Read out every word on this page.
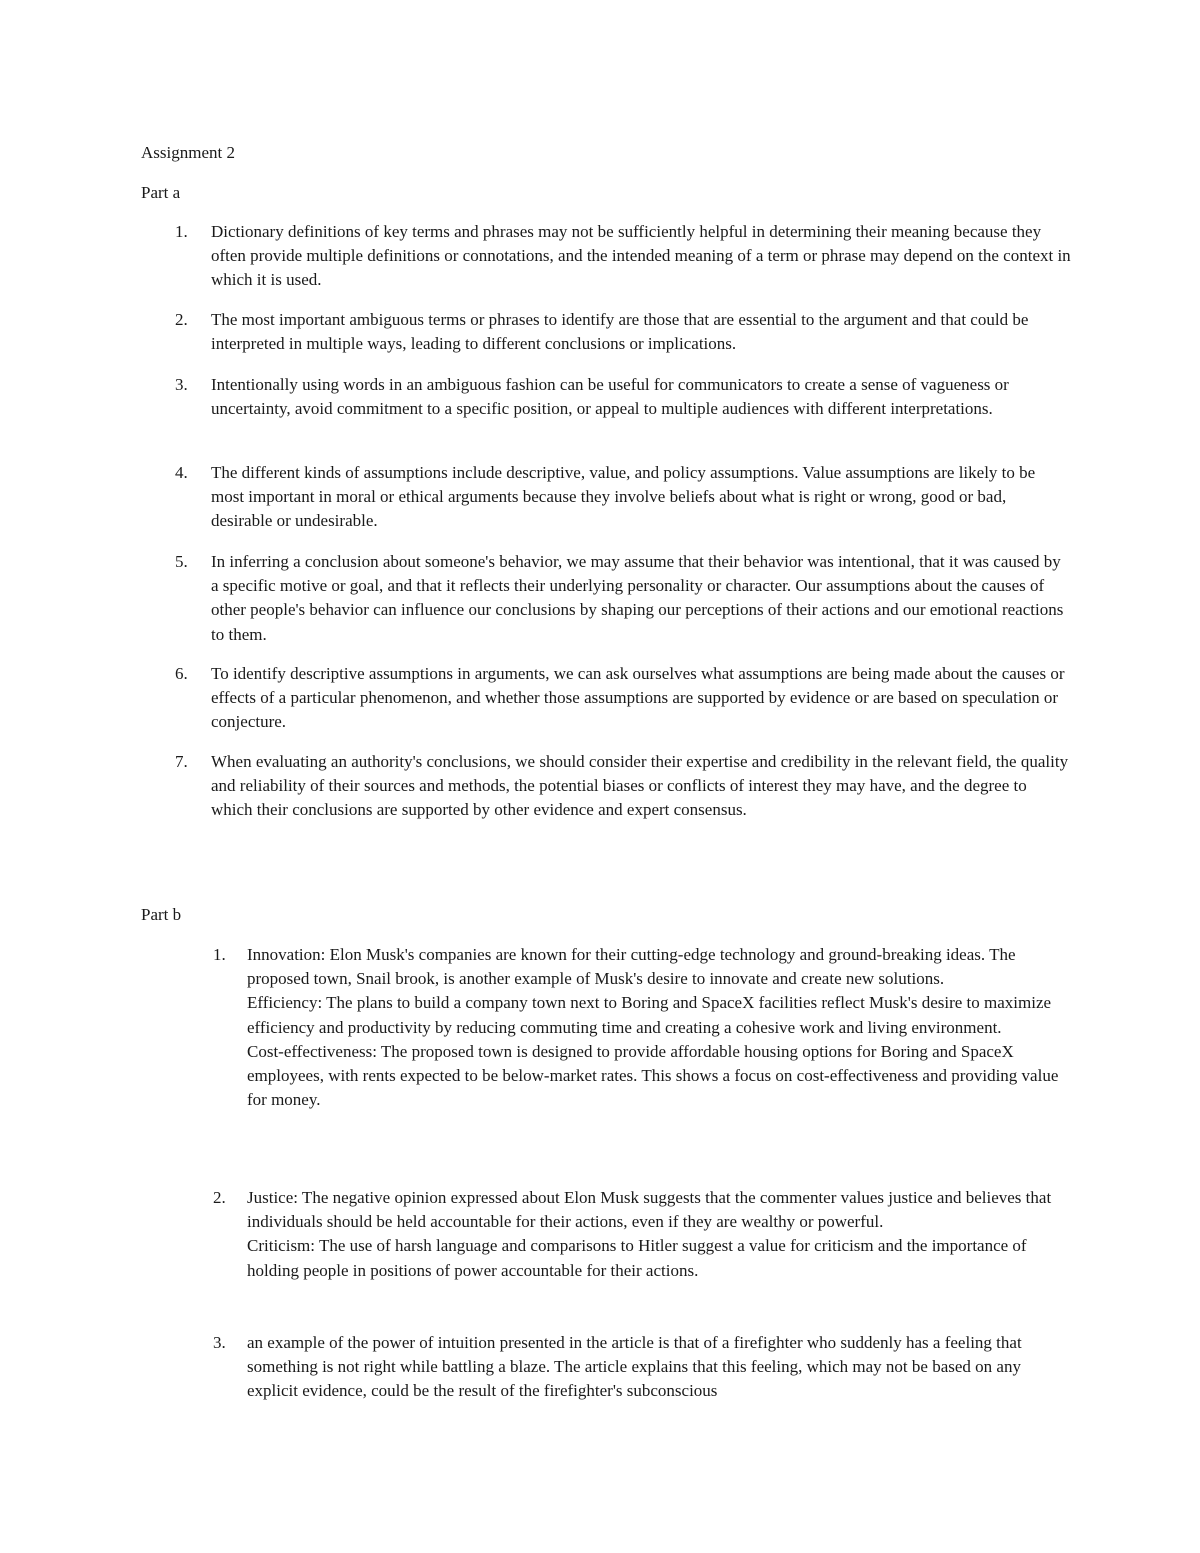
Assignment 2
Part a
1. Dictionary definitions of key terms and phrases may not be sufficiently helpful in determining their meaning because they often provide multiple definitions or connotations, and the intended meaning of a term or phrase may depend on the context in which it is used.
2. The most important ambiguous terms or phrases to identify are those that are essential to the argument and that could be interpreted in multiple ways, leading to different conclusions or implications.
3. Intentionally using words in an ambiguous fashion can be useful for communicators to create a sense of vagueness or uncertainty, avoid commitment to a specific position, or appeal to multiple audiences with different interpretations.
4. The different kinds of assumptions include descriptive, value, and policy assumptions. Value assumptions are likely to be most important in moral or ethical arguments because they involve beliefs about what is right or wrong, good or bad, desirable or undesirable.
5. In inferring a conclusion about someone's behavior, we may assume that their behavior was intentional, that it was caused by a specific motive or goal, and that it reflects their underlying personality or character. Our assumptions about the causes of other people's behavior can influence our conclusions by shaping our perceptions of their actions and our emotional reactions to them.
6. To identify descriptive assumptions in arguments, we can ask ourselves what assumptions are being made about the causes or effects of a particular phenomenon, and whether those assumptions are supported by evidence or are based on speculation or conjecture.
7. When evaluating an authority's conclusions, we should consider their expertise and credibility in the relevant field, the quality and reliability of their sources and methods, the potential biases or conflicts of interest they may have, and the degree to which their conclusions are supported by other evidence and expert consensus.
Part b
1. Innovation: Elon Musk's companies are known for their cutting-edge technology and ground-breaking ideas. The proposed town, Snail brook, is another example of Musk's desire to innovate and create new solutions.

Efficiency: The plans to build a company town next to Boring and SpaceX facilities reflect Musk's desire to maximize efficiency and productivity by reducing commuting time and creating a cohesive work and living environment.

Cost-effectiveness: The proposed town is designed to provide affordable housing options for Boring and SpaceX employees, with rents expected to be below-market rates. This shows a focus on cost-effectiveness and providing value for money.

2. Justice: The negative opinion expressed about Elon Musk suggests that the commenter values justice and believes that individuals should be held accountable for their actions, even if they are wealthy or powerful.

Criticism: The use of harsh language and comparisons to Hitler suggest a value for criticism and the importance of holding people in positions of power accountable for their actions.

3. an example of the power of intuition presented in the article is that of a firefighter who suddenly has a feeling that something is not right while battling a blaze. The article explains that this feeling, which may not be based on any explicit evidence, could be the result of the firefighter's subconscious
